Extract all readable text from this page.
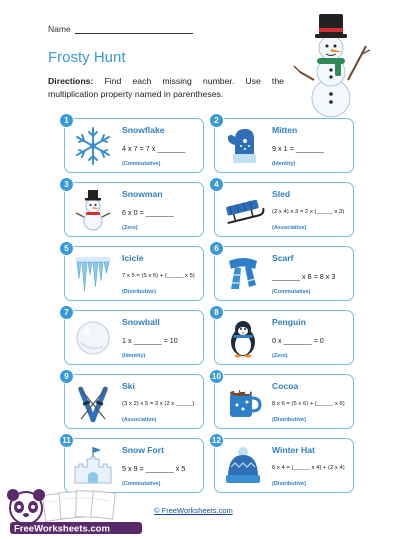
Name
Frosty Hunt
Directions: Find each missing number. Use the multiplication property named in parentheses.
1
Snowflake
4 x 7 = 7 x _______
(Commutative)
2
Mitten
9 x 1 = _______
(Identity)
3
Snowman
6 x 0 = _______
(Zero)
4
Sled
(2 x 4) x 3 = 2 x (_____ x 3)
(Associative)
5
Icicle
7 x 5 = (5 x 5) + (_____ x 5)
(Distributive)
6
Scarf
_______ x 8 = 8 x 3
(Commutative)
7
Snowball
1 x _______ = 10
(Identity)
8
Penguin
0 x _______ = 0
(Zero)
9
Ski
(3 x 2) x 5 = 3 x (2 x _____)
(Associative)
10
Cocoa
8 x 6 = (5 x 6) + (_____ x 6)
(Distributive)
11
Snow Fort
5 x 9 = _______ x 5
(Commutative)
12
Winter Hat
6 x 4 = (_____ x 4) + (2 x 4)
(Distributive)
FreeWorksheets.com
© FreeWorksheets.com
